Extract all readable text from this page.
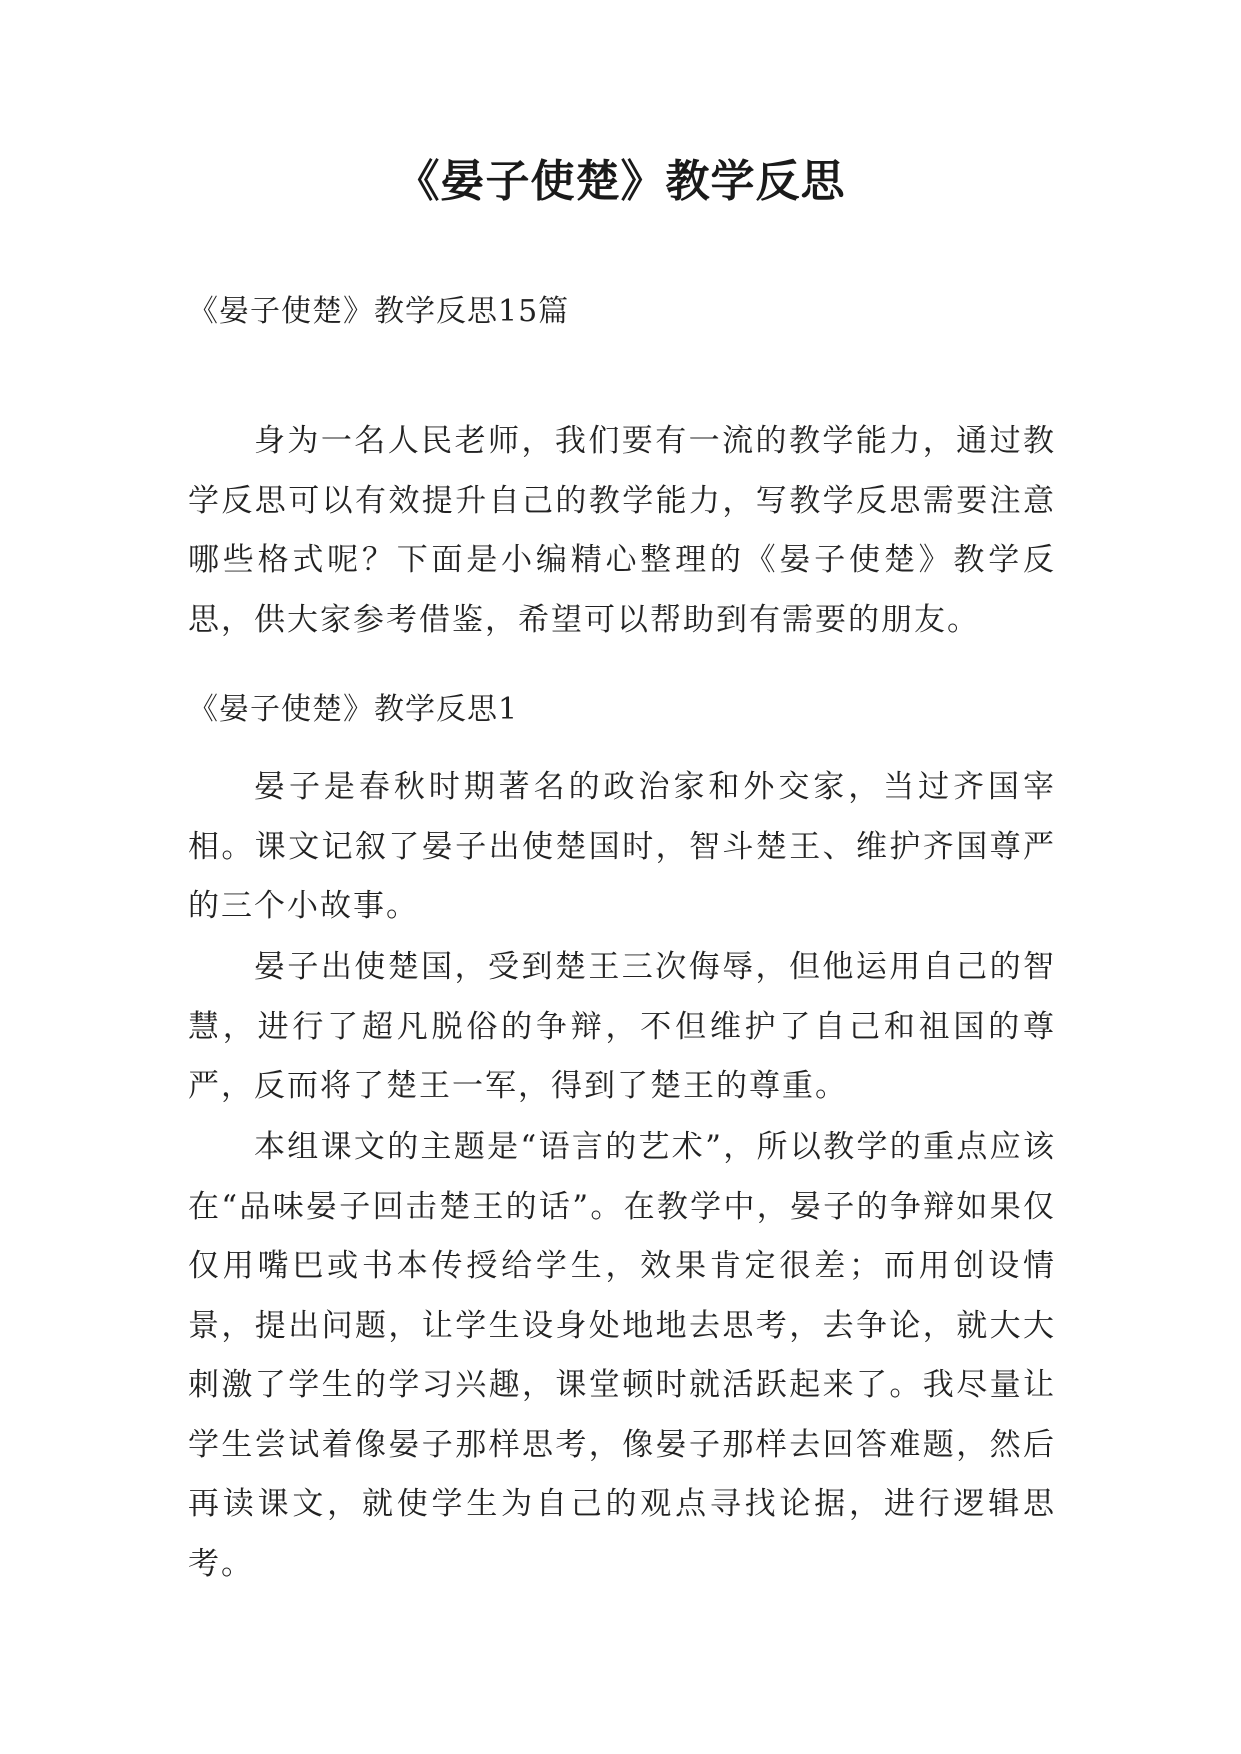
《晏子使楚》教学反思
《晏子使楚》教学反思15篇
身为一名人民老师，我们要有一流的教学能力，通过教学反思可以有效提升自己的教学能力，写教学反思需要注意哪些格式呢？下面是小编精心整理的《晏子使楚》教学反思，供大家参考借鉴，希望可以帮助到有需要的朋友。
《晏子使楚》教学反思1
晏子是春秋时期著名的政治家和外交家，当过齐国宰相。课文记叙了晏子出使楚国时，智斗楚王、维护齐国尊严的三个小故事。
晏子出使楚国，受到楚王三次侮辱，但他运用自己的智慧，进行了超凡脱俗的争辩，不但维护了自己和祖国的尊严，反而将了楚王一军，得到了楚王的尊重。
本组课文的主题是“语言的艺术”，所以教学的重点应该在“品味晏子回击楚王的话”。在教学中，晏子的争辩如果仅仅用嘴巴或书本传授给学生，效果肯定很差；而用创设情景，提出问题，让学生设身处地地去思考，去争论，就大大刺激了学生的学习兴趣，课堂顿时就活跃起来了。我尽量让学生尝试着像晏子那样思考，像晏子那样去回答难题，然后再读课文，就使学生为自己的观点寻找论据，进行逻辑思考。
